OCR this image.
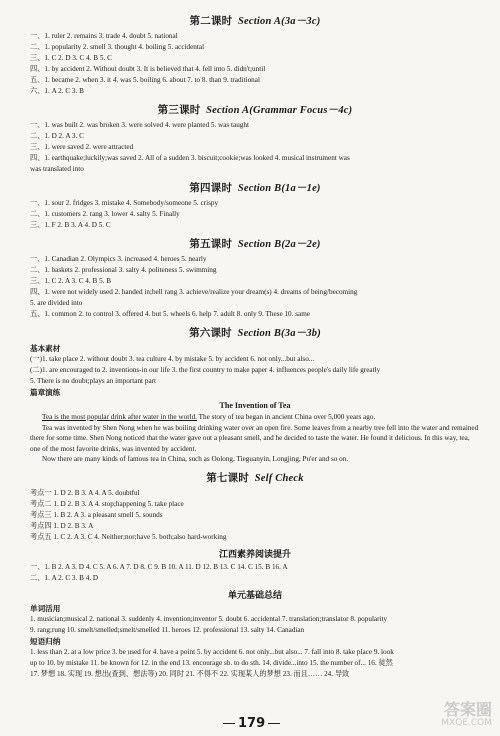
第二课时 Section A(3a－3c)
一、1. ruler 2. remains 3. trade 4. doubt 5. national
二、1. popularity 2. smell 3. thought 4. boiling 5. accidental
三、1. C 2. D 3. C 4. B 5. C
四、1. by accident 2. Without doubt 3. It is believed that 4. fell into 5. didn't;until
五、1. became 2. when 3. it 4. was 5. boiling 6. about 7. to 8. than 9. traditional
六、1. A 2. C 3. B
第三课时 Section A(Grammar Focus－4c)
一、1. was built 2. was broken 3. were solved 4. were planted 5. was taught
二、1. D 2. A 3. C
三、1. were saved 2. were attracted
四、1. earthquake;luckily;was saved 2. All of a sudden 3. biscuit;cookie;was looked 4. musical instrument was
was translated into
第四课时 Section B(1a－1e)
一、1. sour 2. fridges 3. mistake 4. Somebody/someone 5. crispy
二、1. customers 2. rang 3. lower 4. salty 5. Finally
三、1. F 2. B 3. A 4. D 5. C
第五课时 Section B(2a－2e)
一、1. Canadian 2. Olympics 3. increased 4. heroes 5. nearly
二、1. baskets 2. professional 3. salty 4. politeness 5. swimming
三、1. C 2. A 3. C 4. B 5. B
四、1. were not widely used 2. handed in;bell rang 3. achieve/realize your dream(s) 4. dreams of being/becoming
5. are divided into
五、1. common 2. to control 3. offered 4. but 5. wheels 6. help 7. adult 8. only 9. These 10. same
第六课时 Section B(3a－3b)
基本素材
(一)1. take place 2. without doubt 3. tea culture 4. by mistake 5. by accident 6. not only...but also...
(二)1. are encouraged to 2. inventions-in our life 3. the first country to make paper 4. influences people's daily life greatly
5. There is no doubt;plays an important part
篇章演练
The Invention of Tea
Tea is the most popular drink after water in the world. The story of tea began in ancient China over 5,000 years ago.
Tea was invented by Shen Nong when he was boiling drinking water over an open fire. Some leaves from a nearby tree fell into the water and remained there for some time. Shen Nong noticed that the water gave out a pleasant smell, and he decided to taste the water. He found it delicious. In this way, tea, one of the most favorite drinks, was invented by accident.
Now there are many kinds of famous tea in China, such as Oolong, Tieguanyin, Longjing, Pu'er and so on.
第七课时 Self Check
考点一 1. D 2. B 3. A 4. A 5. doubtful
考点二 1. D 2. B 3. A 4. stop;happening 5. take place
考点三 1. B 2. A 3. a pleasant smell 5. sounds
考点四 1. D 2. B 3. A
考点五 1. C 2. A 3. C 4. Neither;nor;have 5. both;also hard-working
江西素养阅读提升
一、1. B 2. A 3. D 4. C 5. A 6. A 7. D 8. C 9. B 10. A 11. D 12. B 13. C 14. C 15. B 16. A
二、1. A 2. C 3. B 4. D
单元基础总结
单词活用
1. musician;musical 2. national 3. suddenly 4. invention;inventor 5. doubt 6. accidental 7. translation;translator 8. popularity
9. rang;rung 10. smelt/smelled;smelt/smelled 11. heroes 12. professional 13. salty 14. Canadian
短语归纳
1. less than 2. at a low price 3. be used for 4. have a point 5. by accident 6. not only...but also... 7. fall into 8. take place 9. look
up to 10. by mistake 11. be known for 12. in the end 13. encourage sb. to do sth. 14. divide...into 15. the number of... 16. 徒然
17. 梦想 18. 实现 19. 想出(查到、想法等) 20. 同时 21. 不得不 22. 实现某人的梦想 23. 而且…… 24. 导致
179
答案圈
MXQE.COM
